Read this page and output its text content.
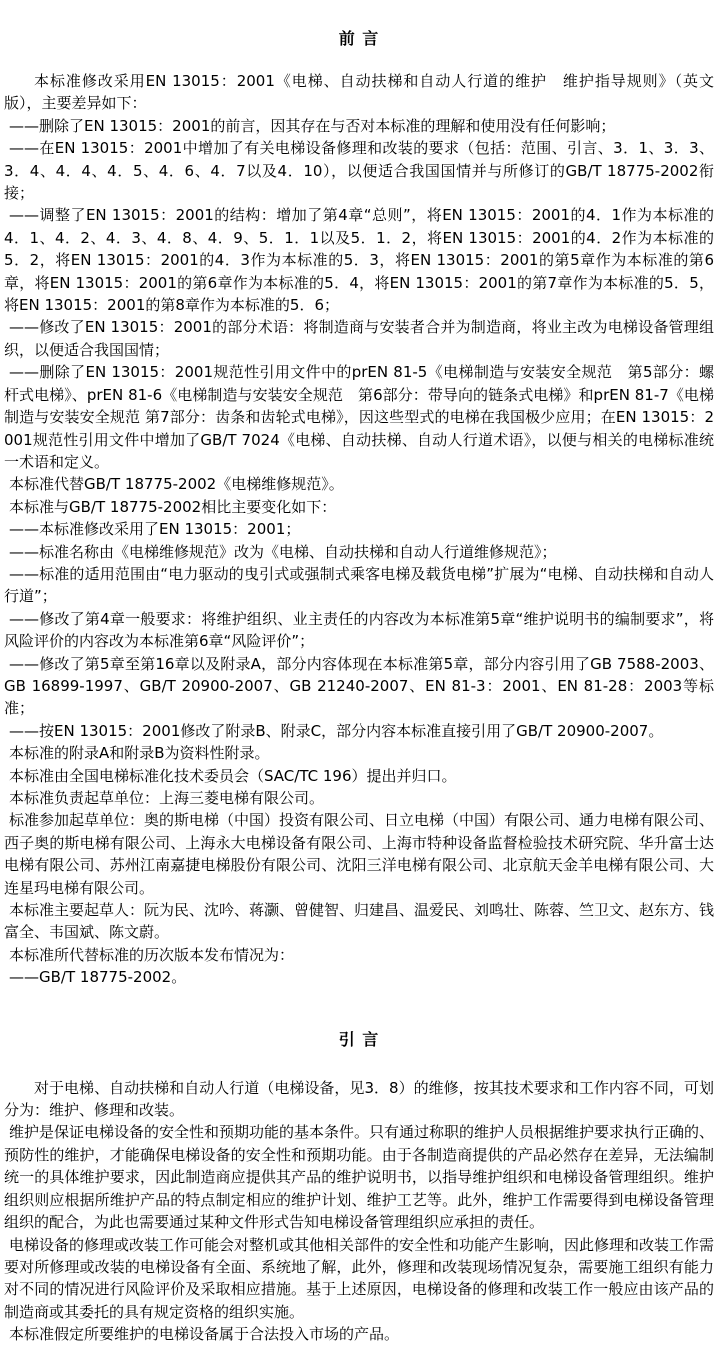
前 言

本标准修改采用EN 13015：2001《电梯、自动扶梯和自动人行道的维护　维护指导规则》（英文版），主要差异如下：

——删除了EN 13015：2001的前言，因其存在与否对本标准的理解和使用没有任何影响；

——在EN 13015：2001中增加了有关电梯设备修理和改装的要求（包括：范围、引言、3．1、3．3、3．4、4．4、4．5、4．6、4．7以及4．10），以便适合我国国情并与所修订的GB/T 18775-2002衔接；

——调整了EN 13015：2001的结构：增加了第4章“总则”，将EN 13015：2001的4．1作为本标准的4．1、4．2、4．3、4．8、4．9、5．1．1以及5．1．2，将EN 13015：2001的4．2作为本标准的5．2，将EN 13015：2001的4．3作为本标准的5．3，将EN 13015：2001的第5章作为本标准的第6章，将EN 13015：2001的第6章作为本标准的5．4，将EN 13015：2001的第7章作为本标准的5．5，将EN 13015：2001的第8章作为本标准的5．6；

——修改了EN 13015：2001的部分术语：将制造商与安装者合并为制造商，将业主改为电梯设备管理组织，以便适合我国国情；

——删除了EN 13015：2001规范性引用文件中的prEN 81-5《电梯制造与安装安全规范　第5部分：螺杆式电梯》、prEN 81-6《电梯制造与安装安全规范　第6部分：带导向的链条式电梯》和prEN 81-7《电梯制造与安装安全规范 第7部分：齿条和齿轮式电梯》，因这些型式的电梯在我国极少应用；在EN 13015：2001规范性引用文件中增加了GB/T 7024《电梯、自动扶梯、自动人行道术语》，以便与相关的电梯标准统一术语和定义。

本标准代替GB/T 18775-2002《电梯维修规范》。

本标准与GB/T 18775-2002相比主要变化如下：

——本标准修改采用了EN 13015：2001；

——标准名称由《电梯维修规范》改为《电梯、自动扶梯和自动人行道维修规范》；

——标准的适用范围由“电力驱动的曳引式或强制式乘客电梯及载货电梯”扩展为“电梯、自动扶梯和自动人行道”；

——修改了第4章一般要求：将维护组织、业主责任的内容改为本标准第5章“维护说明书的编制要求”，将风险评价的内容改为本标准第6章“风险评价”；

——修改了第5章至第16章以及附录A，部分内容体现在本标准第5章，部分内容引用了GB 7588-2003、GB 16899-1997、GB/T 20900-2007、GB 21240-2007、EN 81-3：2001、EN 81-28：2003等标准；

——按EN 13015：2001修改了附录B、附录C，部分内容本标准直接引用了GB/T 20900-2007。

本标准的附录A和附录B为资料性附录。

本标准由全国电梯标准化技术委员会（SAC/TC 196）提出并归口。

本标准负责起草单位：上海三菱电梯有限公司。

标准参加起草单位：奥的斯电梯（中国）投资有限公司、日立电梯（中国）有限公司、通力电梯有限公司、西子奥的斯电梯有限公司、上海永大电梯设备有限公司、上海市特种设备监督检验技术研究院、华升富士达电梯有限公司、苏州江南嘉捷电梯股份有限公司、沈阳三洋电梯有限公司、北京航天金羊电梯有限公司、大连星玛电梯有限公司。

本标准主要起草人：阮为民、沈吟、蒋灏、曾健智、归建昌、温爱民、刘鸣壮、陈蓉、竺卫文、赵东方、钱富全、韦国斌、陈文蔚。

本标准所代替标准的历次版本发布情况为：

——GB/T 18775-2002。

引 言

对于电梯、自动扶梯和自动人行道（电梯设备，见3．8）的维修，按其技术要求和工作内容不同，可划分为：维护、修理和改装。

维护是保证电梯设备的安全性和预期功能的基本条件。只有通过称职的维护人员根据维护要求执行正确的、预防性的维护，才能确保电梯设备的安全性和预期功能。由于各制造商提供的产品必然存在差异，无法编制统一的具体维护要求，因此制造商应提供其产品的维护说明书，以指导维护组织和电梯设备管理组织。维护组织则应根据所维护产品的特点制定相应的维护计划、维护工艺等。此外，维护工作需要得到电梯设备管理组织的配合，为此也需要通过某种文件形式告知电梯设备管理组织应承担的责任。

电梯设备的修理或改装工作可能会对整机或其他相关部件的安全性和功能产生影响，因此修理和改装工作需要对所修理或改装的电梯设备有全面、系统地了解，此外，修理和改装现场情况复杂，需要施工组织有能力对不同的情况进行风险评价及采取相应措施。基于上述原因，电梯设备的修理和改装工作一般应由该产品的制造商或其委托的具有规定资格的组织实施。

本标准假定所要维护的电梯设备属于合法投入市场的产品。
